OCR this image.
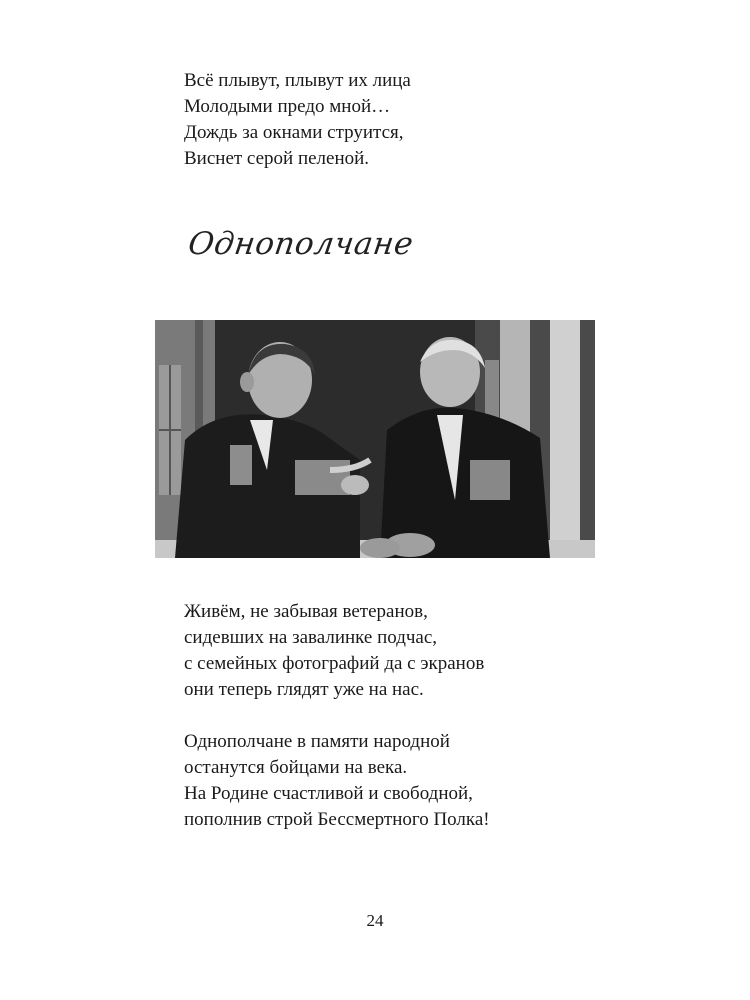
Всё плывут, плывут их лица
Молодыми предо мной…
Дождь за окнами струится,
Виснет серой пеленой.
Однополчане
Живём, не забывая ветеранов,
сидевших на завалинке подчас,
с семейных фотографий да с экранов
они теперь глядят уже на нас.
Однополчане в памяти народной
останутся бойцами на века.
На Родине счастливой и свободной,
пополнив строй Бессмертного Полка!

24
